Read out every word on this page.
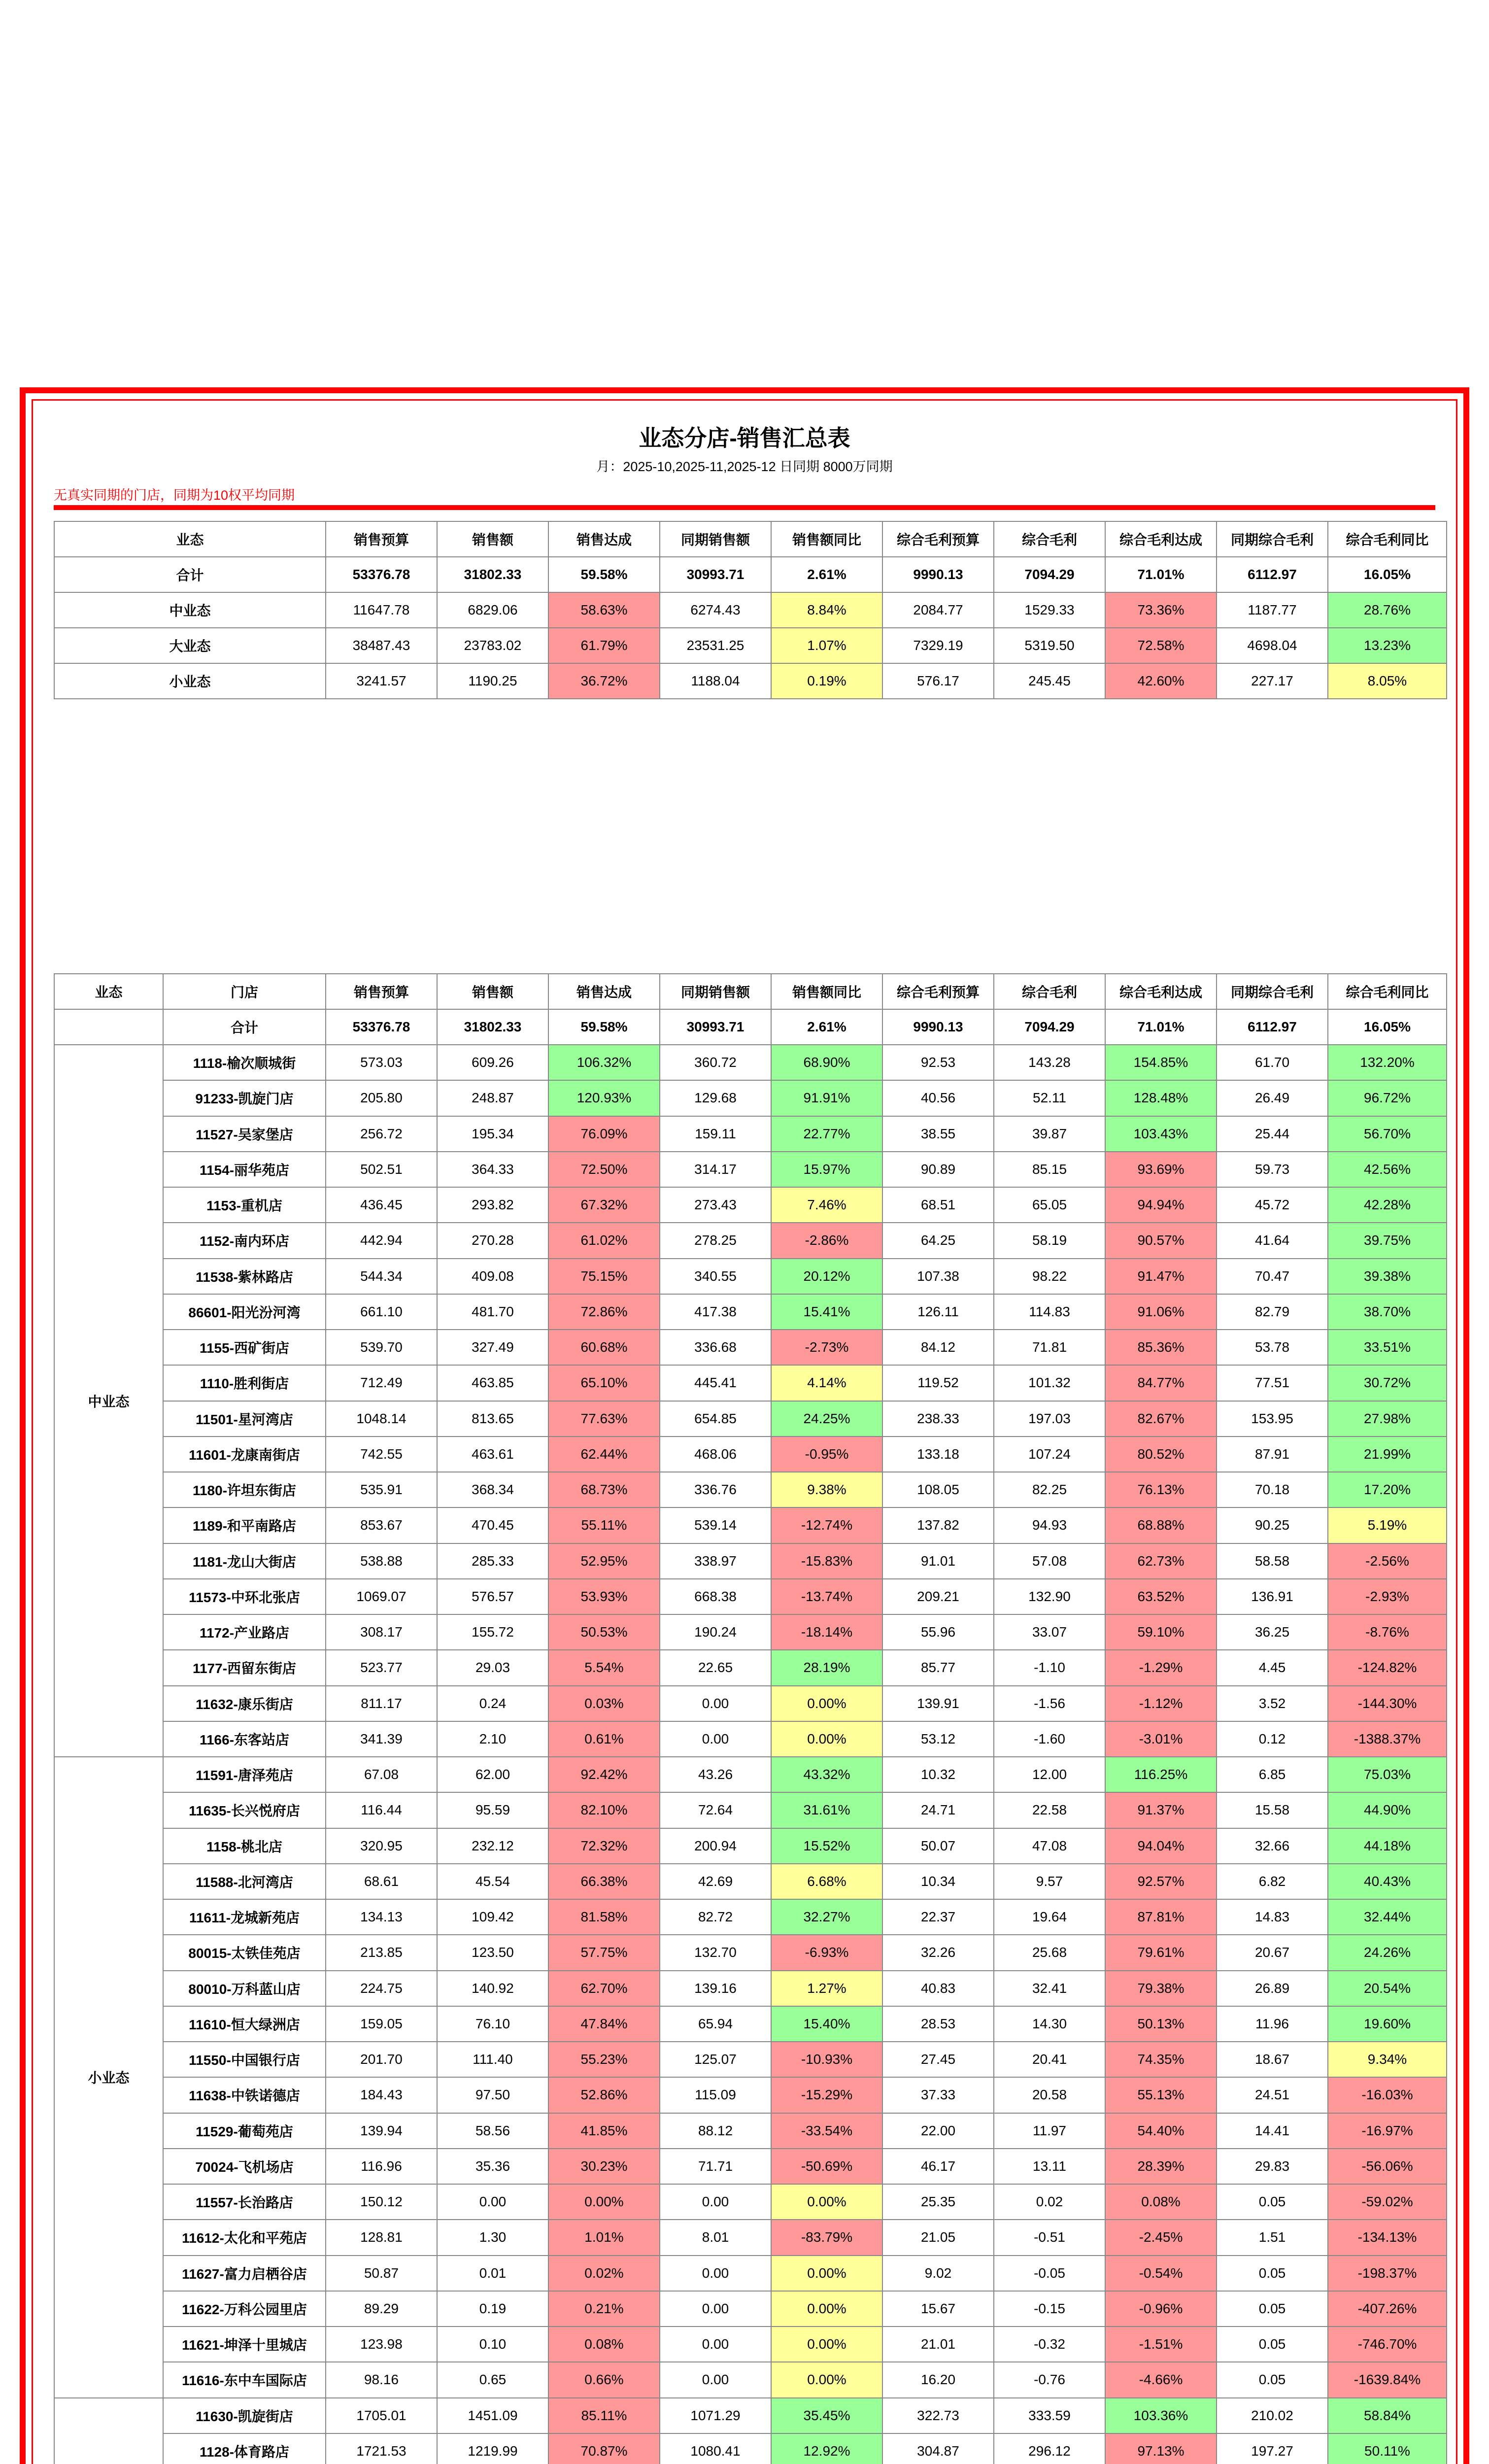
业态分店-销售汇总表
月：2025-10,2025-11,2025-12 日同期 8000万同期
无真实同期的门店，同期为10权平均同期
业态	销售预算	销售额	销售达成	同期销售额	销售额同比	综合毛利预算	综合毛利	综合毛利达成	同期综合毛利	综合毛利同比
合计	53376.78	31802.33	59.58%	30993.71	2.61%	9990.13	7094.29	71.01%	6112.97	16.05%
中业态	11647.78	6829.06	58.63%	6274.43	8.84%	2084.77	1529.33	73.36%	1187.77	28.76%
大业态	38487.43	23783.02	61.79%	23531.25	1.07%	7329.19	5319.50	72.58%	4698.04	13.23%
小业态	3241.57	1190.25	36.72%	1188.04	0.19%	576.17	245.45	42.60%	227.17	8.05%
业态	门店	销售预算	销售额	销售达成	同期销售额	销售额同比	综合毛利预算	综合毛利	综合毛利达成	同期综合毛利	综合毛利同比
	合计	53376.78	31802.33	59.58%	30993.71	2.61%	9990.13	7094.29	71.01%	6112.97	16.05%
中业态	1118-榆次顺城街	573.03	609.26	106.32%	360.72	68.90%	92.53	143.28	154.85%	61.70	132.20%
	91233-凯旋门店	205.80	248.87	120.93%	129.68	91.91%	40.56	52.11	128.48%	26.49	96.72%
	11527-吴家堡店	256.72	195.34	76.09%	159.11	22.77%	38.55	39.87	103.43%	25.44	56.70%
	1154-丽华苑店	502.51	364.33	72.50%	314.17	15.97%	90.89	85.15	93.69%	59.73	42.56%
	1153-重机店	436.45	293.82	67.32%	273.43	7.46%	68.51	65.05	94.94%	45.72	42.28%
	1152-南内环店	442.94	270.28	61.02%	278.25	-2.86%	64.25	58.19	90.57%	41.64	39.75%
	11538-紫林路店	544.34	409.08	75.15%	340.55	20.12%	107.38	98.22	91.47%	70.47	39.38%
	86601-阳光汾河湾	661.10	481.70	72.86%	417.38	15.41%	126.11	114.83	91.06%	82.79	38.70%
	1155-西矿街店	539.70	327.49	60.68%	336.68	-2.73%	84.12	71.81	85.36%	53.78	33.51%
	1110-胜利街店	712.49	463.85	65.10%	445.41	4.14%	119.52	101.32	84.77%	77.51	30.72%
	11501-星河湾店	1048.14	813.65	77.63%	654.85	24.25%	238.33	197.03	82.67%	153.95	27.98%
	11601-龙康南街店	742.55	463.61	62.44%	468.06	-0.95%	133.18	107.24	80.52%	87.91	21.99%
	1180-许坦东街店	535.91	368.34	68.73%	336.76	9.38%	108.05	82.25	76.13%	70.18	17.20%
	1189-和平南路店	853.67	470.45	55.11%	539.14	-12.74%	137.82	94.93	68.88%	90.25	5.19%
	1181-龙山大街店	538.88	285.33	52.95%	338.97	-15.83%	91.01	57.08	62.73%	58.58	-2.56%
	11573-中环北张店	1069.07	576.57	53.93%	668.38	-13.74%	209.21	132.90	63.52%	136.91	-2.93%
	1172-产业路店	308.17	155.72	50.53%	190.24	-18.14%	55.96	33.07	59.10%	36.25	-8.76%
	1177-西留东街店	523.77	29.03	5.54%	22.65	28.19%	85.77	-1.10	-1.29%	4.45	-124.82%
	11632-康乐街店	811.17	0.24	0.03%	0.00	0.00%	139.91	-1.56	-1.12%	3.52	-144.30%
	1166-东客站店	341.39	2.10	0.61%	0.00	0.00%	53.12	-1.60	-3.01%	0.12	-1388.37%
小业态	11591-唐泽苑店	67.08	62.00	92.42%	43.26	43.32%	10.32	12.00	116.25%	6.85	75.03%
	11635-长兴悦府店	116.44	95.59	82.10%	72.64	31.61%	24.71	22.58	91.37%	15.58	44.90%
	1158-桃北店	320.95	232.12	72.32%	200.94	15.52%	50.07	47.08	94.04%	32.66	44.18%
	11588-北河湾店	68.61	45.54	66.38%	42.69	6.68%	10.34	9.57	92.57%	6.82	40.43%
	11611-龙城新苑店	134.13	109.42	81.58%	82.72	32.27%	22.37	19.64	87.81%	14.83	32.44%
	80015-太铁佳苑店	213.85	123.50	57.75%	132.70	-6.93%	32.26	25.68	79.61%	20.67	24.26%
	80010-万科蓝山店	224.75	140.92	62.70%	139.16	1.27%	40.83	32.41	79.38%	26.89	20.54%
	11610-恒大绿洲店	159.05	76.10	47.84%	65.94	15.40%	28.53	14.30	50.13%	11.96	19.60%
	11550-中国银行店	201.70	111.40	55.23%	125.07	-10.93%	27.45	20.41	74.35%	18.67	9.34%
	11638-中铁诺德店	184.43	97.50	52.86%	115.09	-15.29%	37.33	20.58	55.13%	24.51	-16.03%
	11529-葡萄苑店	139.94	58.56	41.85%	88.12	-33.54%	22.00	11.97	54.40%	14.41	-16.97%
	70024-飞机场店	116.96	35.36	30.23%	71.71	-50.69%	46.17	13.11	28.39%	29.83	-56.06%
	11557-长治路店	150.12	0.00	0.00%	0.00	0.00%	25.35	0.02	0.08%	0.05	-59.02%
	11612-太化和平苑店	128.81	1.30	1.01%	8.01	-83.79%	21.05	-0.51	-2.45%	1.51	-134.13%
	11627-富力启栖谷店	50.87	0.01	0.02%	0.00	0.00%	9.02	-0.05	-0.54%	0.05	-198.37%
	11622-万科公园里店	89.29	0.19	0.21%	0.00	0.00%	15.67	-0.15	-0.96%	0.05	-407.26%
	11621-坤泽十里城店	123.98	0.10	0.08%	0.00	0.00%	21.01	-0.32	-1.51%	0.05	-746.70%
	11616-东中车国际店	98.16	0.65	0.66%	0.00	0.00%	16.20	-0.76	-4.66%	0.05	-1639.84%
	11630-凯旋街店	1705.01	1451.09	85.11%	1071.29	35.45%	322.73	333.59	103.36%	210.02	58.84%
	1128-体育路店	1721.53	1219.99	70.87%	1080.41	12.92%	304.87	296.12	97.13%	197.27	50.11%
